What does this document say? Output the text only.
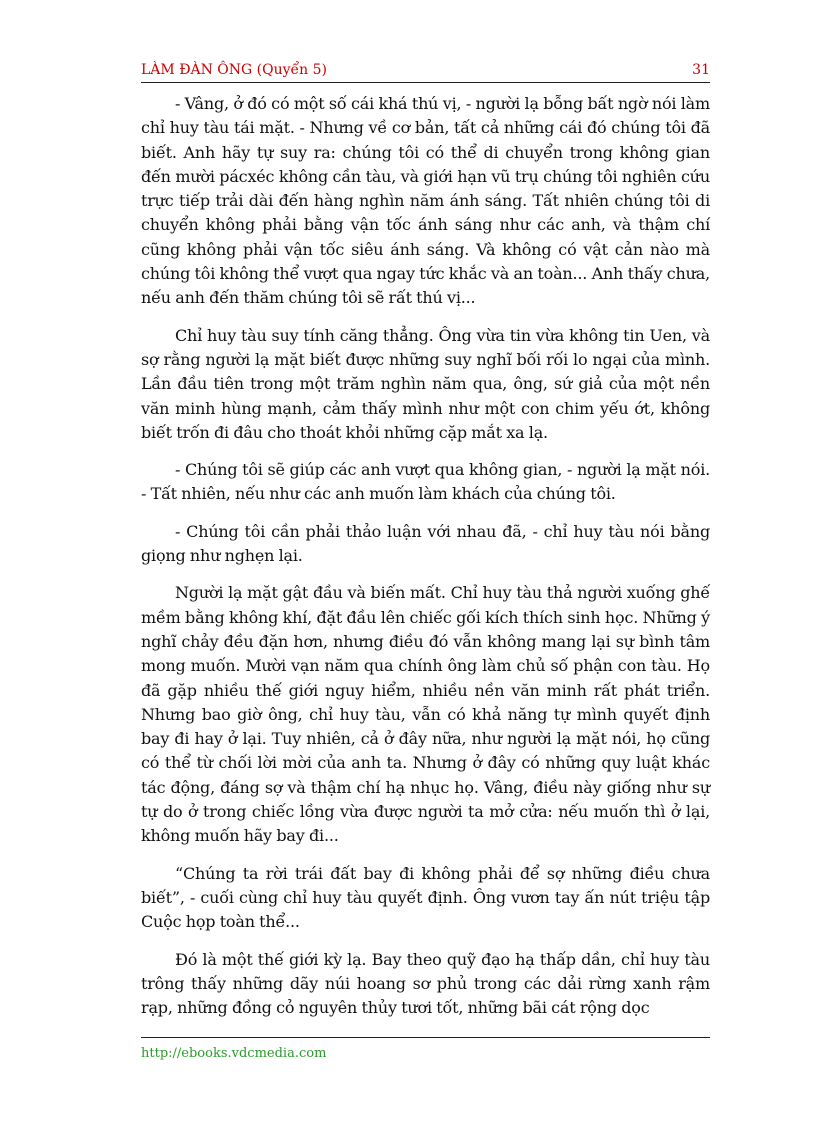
LÀM ĐÀN ÔNG (Quyển 5)	31

- Vâng, ở đó có một số cái khá thú vị, - người lạ bỗng bất ngờ nói làm chỉ huy tàu tái mặt. - Nhưng về cơ bản, tất cả những cái đó chúng tôi đã biết. Anh hãy tự suy ra: chúng tôi có thể di chuyển trong không gian đến mười pácxéc không cần tàu, và giới hạn vũ trụ chúng tôi nghiên cứu trực tiếp trải dài đến hàng nghìn năm ánh sáng. Tất nhiên chúng tôi di chuyển không phải bằng vận tốc ánh sáng như các anh, và thậm chí cũng không phải vận tốc siêu ánh sáng. Và không có vật cản nào mà chúng tôi không thể vượt qua ngay tức khắc và an toàn... Anh thấy chưa, nếu anh đến thăm chúng tôi sẽ rất thú vị...

Chỉ huy tàu suy tính căng thẳng. Ông vừa tin vừa không tin Uen, và sợ rằng người lạ mặt biết được những suy nghĩ bối rối lo ngại của mình. Lần đầu tiên trong một trăm nghìn năm qua, ông, sứ giả của một nền văn minh hùng mạnh, cảm thấy mình như một con chim yếu ớt, không biết trốn đi đâu cho thoát khỏi những cặp mắt xa lạ.

- Chúng tôi sẽ giúp các anh vượt qua không gian, - người lạ mặt nói. - Tất nhiên, nếu như các anh muốn làm khách của chúng tôi.

- Chúng tôi cần phải thảo luận với nhau đã, - chỉ huy tàu nói bằng giọng như nghẹn lại.

Người lạ mặt gật đầu và biến mất. Chỉ huy tàu thả người xuống ghế mềm bằng không khí, đặt đầu lên chiếc gối kích thích sinh học. Những ý nghĩ chảy đều đặn hơn, nhưng điều đó vẫn không mang lại sự bình tâm mong muốn. Mười vạn năm qua chính ông làm chủ số phận con tàu. Họ đã gặp nhiều thế giới nguy hiểm, nhiều nền văn minh rất phát triển. Nhưng bao giờ ông, chỉ huy tàu, vẫn có khả năng tự mình quyết định bay đi hay ở lại. Tuy nhiên, cả ở đây nữa, như người lạ mặt nói, họ cũng có thể từ chối lời mời của anh ta. Nhưng ở đây có những quy luật khác tác động, đáng sợ và thậm chí hạ nhục họ. Vâng, điều này giống như sự tự do ở trong chiếc lồng vừa được người ta mở cửa: nếu muốn thì ở lại, không muốn hãy bay đi...

“Chúng ta rời trái đất bay đi không phải để sợ những điều chưa biết”, - cuối cùng chỉ huy tàu quyết định. Ông vươn tay ấn nút triệu tập Cuộc họp toàn thể...

Đó là một thế giới kỳ lạ. Bay theo quỹ đạo hạ thấp dần, chỉ huy tàu trông thấy những dãy núi hoang sơ phủ trong các dải rừng xanh rậm rạp, những đồng cỏ nguyên thủy tươi tốt, những bãi cát rộng dọc

http://ebooks.vdcmedia.com
